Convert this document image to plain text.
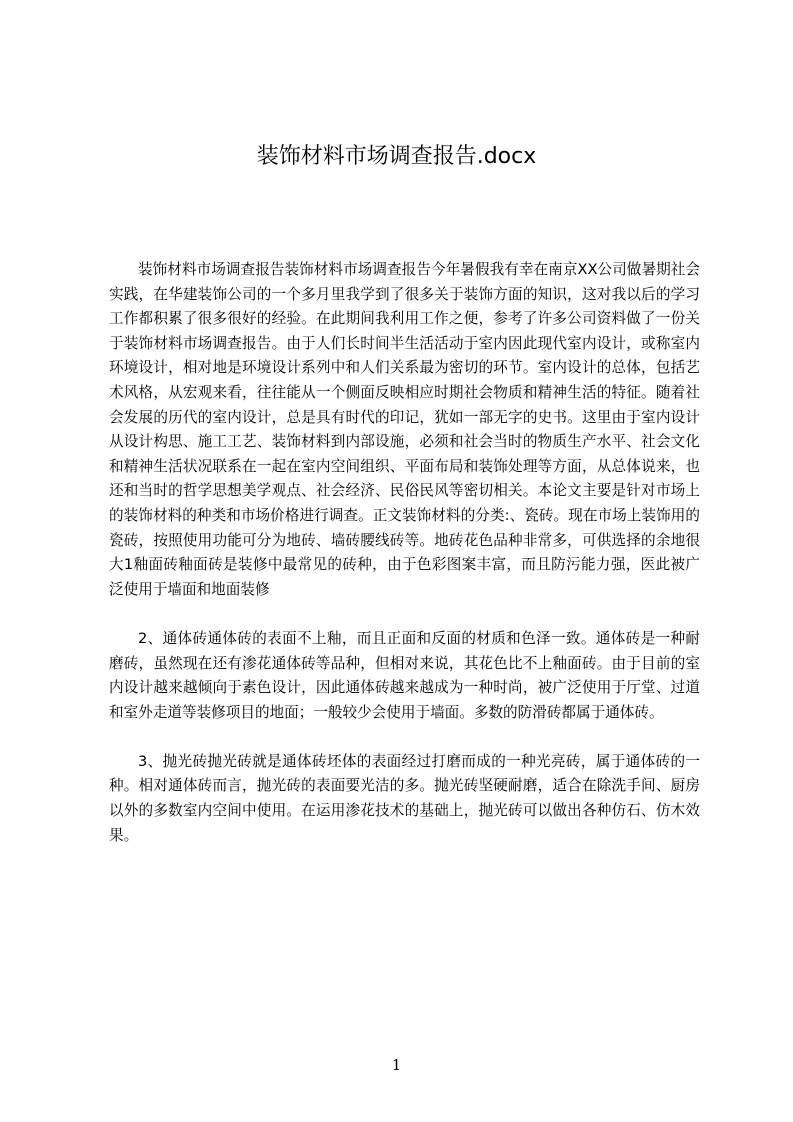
装饰材料市场调查报告.docx

装饰材料市场调查报告装饰材料市场调查报告今年暑假我有幸在南京XX公司做暑期社会实践，在华建装饰公司的一个多月里我学到了很多关于装饰方面的知识，这对我以后的学习工作都积累了很多很好的经验。在此期间我利用工作之便，参考了许多公司资料做了一份关于装饰材料市场调查报告。由于人们长时间半生活活动于室内因此现代室内设计，或称室内环境设计，相对地是环境设计系列中和人们关系最为密切的环节。室内设计的总体，包括艺术风格，从宏观来看，往往能从一个侧面反映相应时期社会物质和精神生活的特征。随着社会发展的历代的室内设计，总是具有时代的印记，犹如一部无字的史书。这里由于室内设计从设计构思、施工工艺、装饰材料到内部设施，必须和社会当时的物质生产水平、社会文化和精神生活状况联系在一起在室内空间组织、平面布局和装饰处理等方面，从总体说来，也还和当时的哲学思想美学观点、社会经济、民俗民风等密切相关。本论文主要是针对市场上的装饰材料的种类和市场价格进行调查。正文装饰材料的分类:、瓷砖。现在市场上装饰用的瓷砖，按照使用功能可分为地砖、墙砖腰线砖等。地砖花色品种非常多，可供选择的余地很大1釉面砖釉面砖是装修中最常见的砖种，由于色彩图案丰富，而且防污能力强，医此被广泛使用于墙面和地面装修

2、通体砖通体砖的表面不上釉，而且正面和反面的材质和色泽一致。通体砖是一种耐磨砖，虽然现在还有渗花通体砖等品种，但相对来说，其花色比不上釉面砖。由于目前的室内设计越来越倾向于素色设计，因此通体砖越来越成为一种时尚，被广泛使用于厅堂、过道和室外走道等装修项目的地面；一般较少会使用于墙面。多数的防滑砖都属于通体砖。

3、抛光砖抛光砖就是通体砖坯体的表面经过打磨而成的一种光亮砖，属于通体砖的一种。相对通体砖而言，抛光砖的表面要光洁的多。抛光砖坚硬耐磨，适合在除洗手间、厨房以外的多数室内空间中使用。在运用渗花技术的基础上，抛光砖可以做出各种仿石、仿木效果。

1
